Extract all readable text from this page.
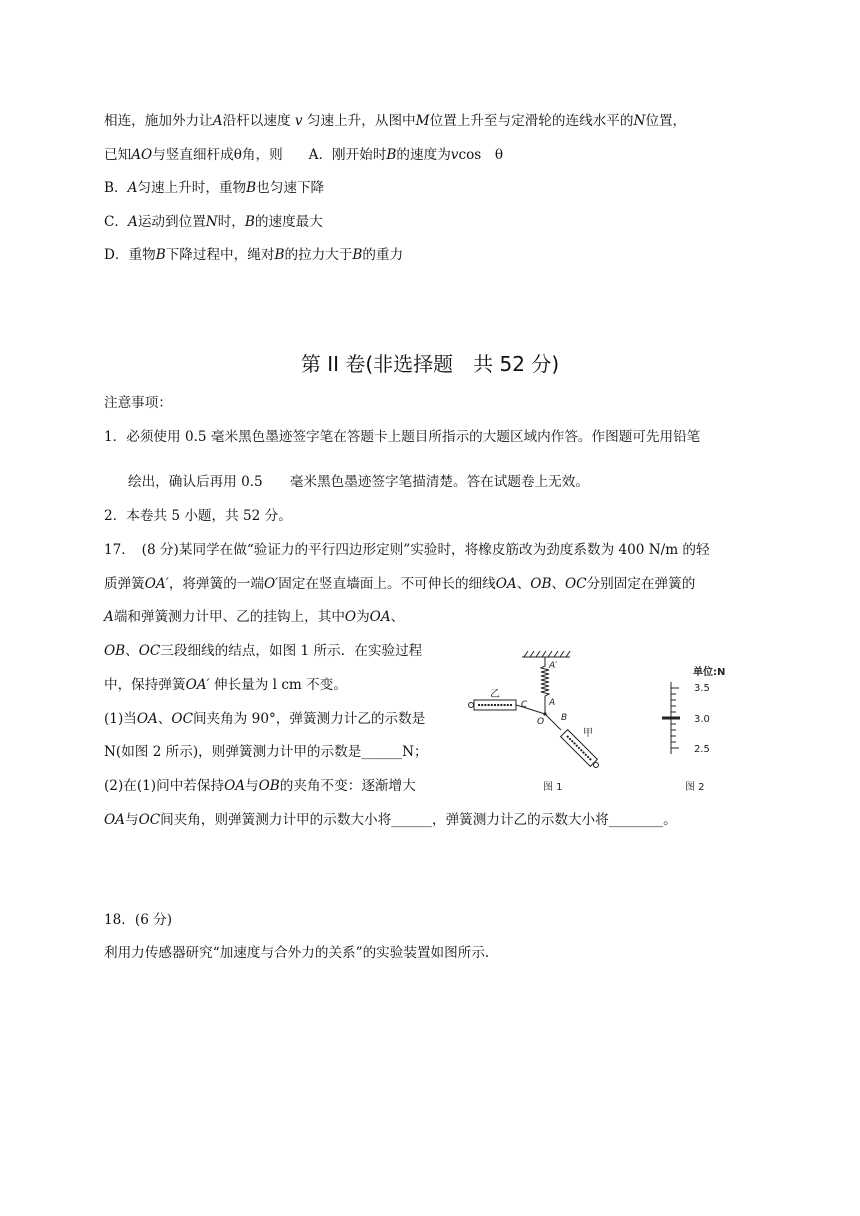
相连，施加外力让A沿杆以速度 v 匀速上升，从图中M位置上升至与定滑轮的连线水平的N位置，
已知AO与竖直细杆成θ角，则 A．刚开始时B的速度为vcos　θ
B．A匀速上升时，重物B也匀速下降
C．A运动到位置N时，B的速度最大
D．重物B下降过程中，绳对B的拉力大于B的重力
第 II 卷(非选择题　共 52 分)
注意事项：
1．必须使用 0.5 毫米黑色墨迹签字笔在答题卡上题目所指示的大题区域内作答。作图题可先用铅笔
绘出，确认后再用 0.5　　毫米黑色墨迹签字笔描清楚。答在试题卷上无效。
2．本卷共 5 小题，共 52 分。
17．　(8 分)某同学在做“验证力的平行四边形定则”实验时，将橡皮筋改为劲度系数为 400 N/m 的轻
质弹簧OA′，将弹簧的一端O′固定在竖直墙面上。不可伸长的细线OA、OB、OC分别固定在弹簧的
A端和弹簧测力计甲、乙的挂钩上，其中O为OA、
OB、OC三段细线的结点，如图 1 所示．在实验过程
中，保持弹簧OA′ 伸长量为 l cm 不变。
(1)当OA、OC间夹角为 90°，弹簧测力计乙的示数是
N(如图 2 所示)，则弹簧测力计甲的示数是______N；
(2)在(1)问中若保持OA与OB的夹角不变：逐渐增大
OA与OC间夹角，则弹簧测力计甲的示数大小将______，弹簧测力计乙的示数大小将________。
A′
A
O B
C
乙
甲
图 1
单位:N
3.5
3.0
2.5
图 2
18．(6 分)
利用力传感器研究“加速度与合外力的关系”的实验装置如图所示.
